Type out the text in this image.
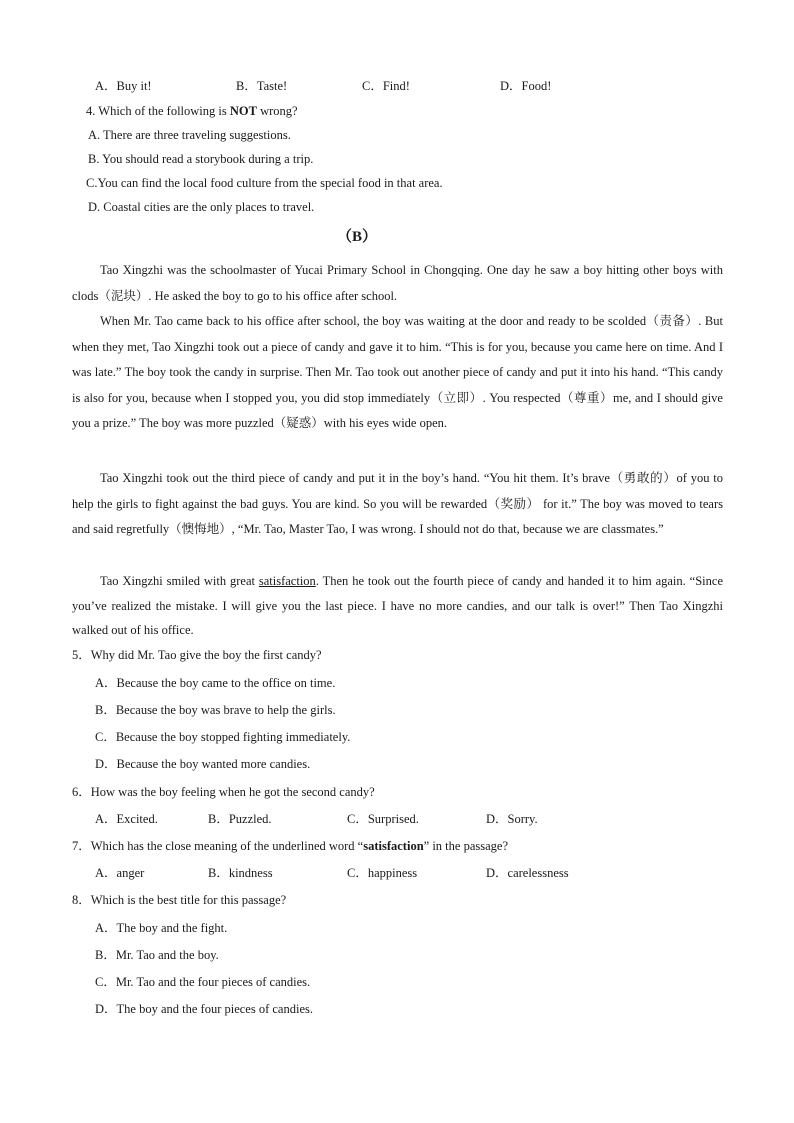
A．Buy it!	B．Taste!	C．Find!	D．Food!
4. Which of the following is NOT wrong?
A. There are three traveling suggestions.
B. You should read a storybook during a trip.
C.You can find the local food culture from the special food in that area.
D. Coastal cities are the only places to travel.
（B）
Tao Xingzhi was the schoolmaster of Yucai Primary School in Chongqing. One day he saw a boy hitting other boys with clods（泥块）. He asked the boy to go to his office after school.
When Mr. Tao came back to his office after school, the boy was waiting at the door and ready to be scolded（责备）. But when they met, Tao Xingzhi took out a piece of candy and gave it to him. “This is for you, because you came here on time. And I was late.” The boy took the candy in surprise. Then Mr. Tao took out another piece of candy and put it into his hand. “This candy is also for you, because when I stopped you, you did stop immediately（立即）. You respected（尊重）me, and I should give you a prize.” The boy was more puzzled（疑惑）with his eyes wide open.
Tao Xingzhi took out the third piece of candy and put it in the boy’s hand. “You hit them. It’s brave（勇敢的）of you to help the girls to fight against the bad guys. You are kind. So you will be rewarded（奖励） for it.” The boy was moved to tears and said regretfully（懊悔地）, “Mr. Tao, Master Tao, I was wrong. I should not do that, because we are classmates.”
Tao Xingzhi smiled with great satisfaction. Then he took out the fourth piece of candy and handed it to him again. “Since you’ve realized the mistake. I will give you the last piece. I have no more candies, and our talk is over!” Then Tao Xingzhi walked out of his office.
5．Why did Mr. Tao give the boy the first candy?
A．Because the boy came to the office on time.
B．Because the boy was brave to help the girls.
C．Because the boy stopped fighting immediately.
D．Because the boy wanted more candies.
6．How was the boy feeling when he got the second candy?
A．Excited.	B．Puzzled.	C．Surprised.	D．Sorry.
7．Which has the close meaning of the underlined word “satisfaction” in the passage?
A．anger	B．kindness	C．happiness	D．carelessness
8．Which is the best title for this passage?
A．The boy and the fight.
B．Mr. Tao and the boy.
C．Mr. Tao and the four pieces of candies.
D．The boy and the four pieces of candies.
